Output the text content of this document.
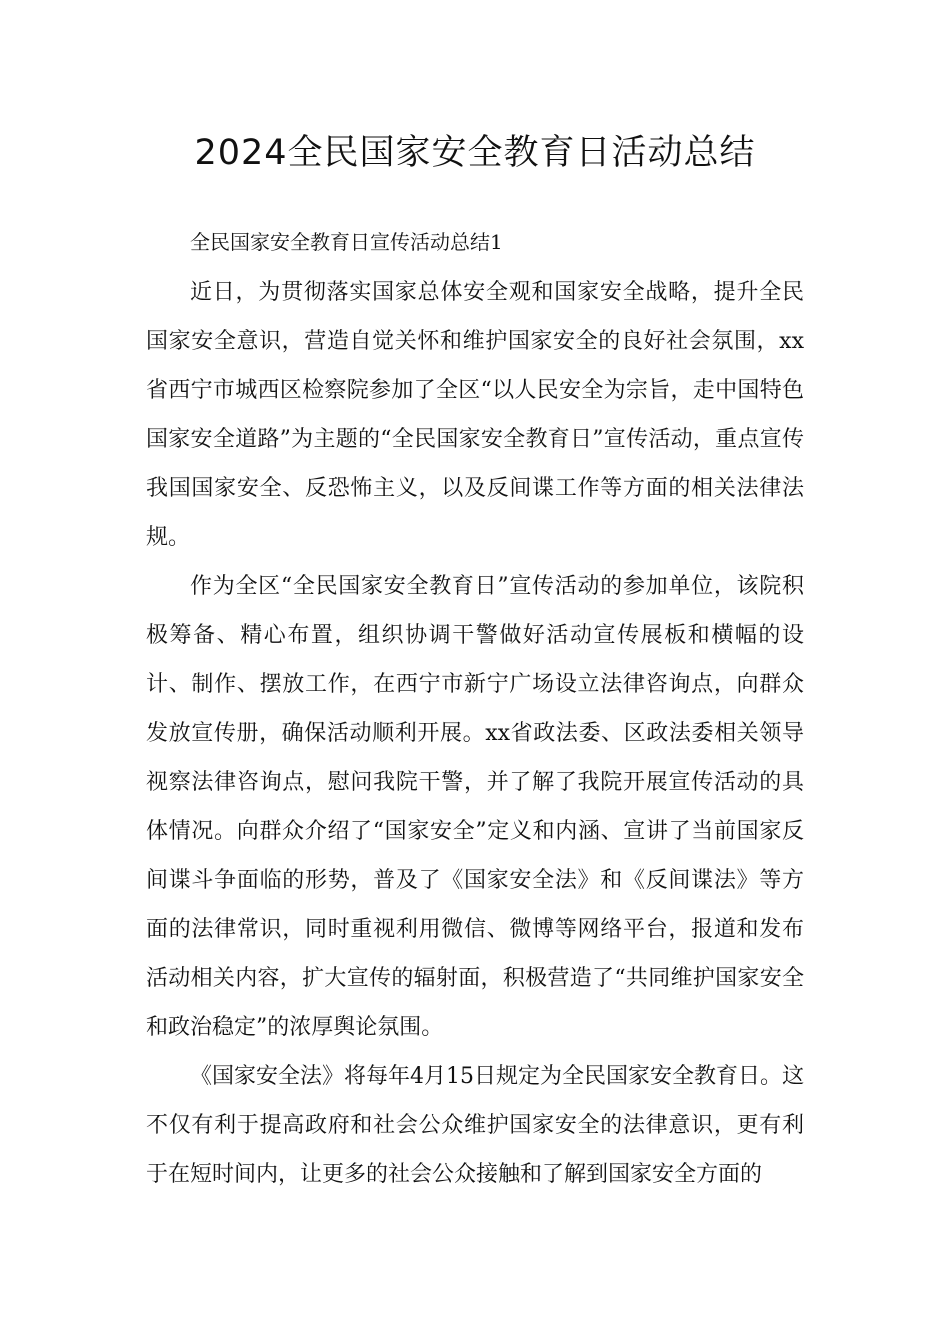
2024全民国家安全教育日活动总结

全民国家安全教育日宣传活动总结1

近日，为贯彻落实国家总体安全观和国家安全战略，提升全民国家安全意识，营造自觉关怀和维护国家安全的良好社会氛围，xx省西宁市城西区检察院参加了全区“以人民安全为宗旨，走中国特色国家安全道路”为主题的“全民国家安全教育日”宣传活动，重点宣传我国国家安全、反恐怖主义，以及反间谍工作等方面的相关法律法规。

作为全区“全民国家安全教育日”宣传活动的参加单位，该院积极筹备、精心布置，组织协调干警做好活动宣传展板和横幅的设计、制作、摆放工作，在西宁市新宁广场设立法律咨询点，向群众发放宣传册，确保活动顺利开展。xx省政法委、区政法委相关领导视察法律咨询点，慰问我院干警，并了解了我院开展宣传活动的具体情况。向群众介绍了“国家安全”定义和内涵、宣讲了当前国家反间谍斗争面临的形势，普及了《国家安全法》和《反间谍法》等方面的法律常识，同时重视利用微信、微博等网络平台，报道和发布活动相关内容，扩大宣传的辐射面，积极营造了“共同维护国家安全和政治稳定”的浓厚舆论氛围。

《国家安全法》将每年4月15日规定为全民国家安全教育日。这不仅有利于提高政府和社会公众维护国家安全的法律意识，更有利于在短时间内，让更多的社会公众接触和了解到国家安全方面的
